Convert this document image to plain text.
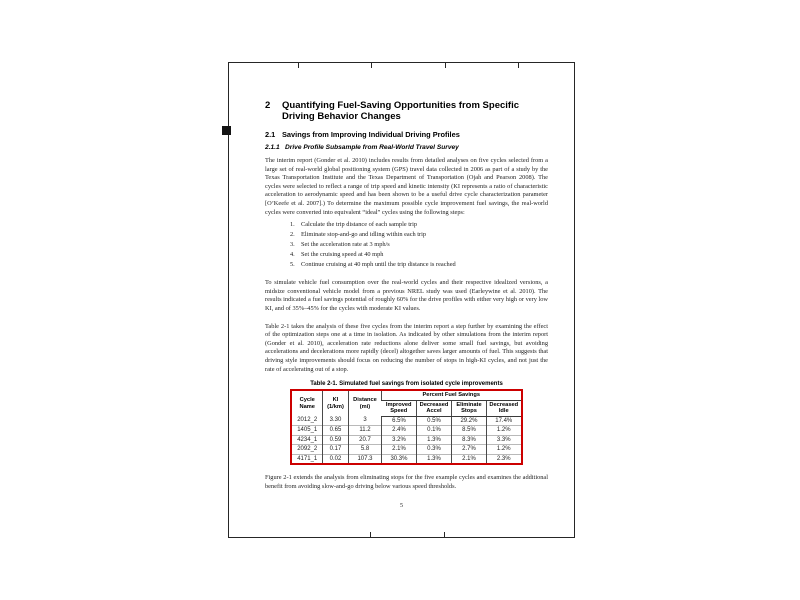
2	Quantifying Fuel-Saving Opportunities from Specific Driving Behavior Changes
2.1 Savings from Improving Individual Driving Profiles
2.1.1 Drive Profile Subsample from Real-World Travel Survey
The interim report (Gonder et al. 2010) includes results from detailed analyses on five cycles selected from a large set of real-world global positioning system (GPS) travel data collected in 2006 as part of a study by the Texas Transportation Institute and the Texas Department of Transportation (Ojah and Pearson 2008). The cycles were selected to reflect a range of trip speed and kinetic intensity (KI represents a ratio of characteristic acceleration to aerodynamic speed and has been shown to be a useful drive cycle characterization parameter [O’Keefe et al. 2007].) To determine the maximum possible cycle improvement fuel savings, the real-world cycles were converted into equivalent “ideal” cycles using the following steps:
1. Calculate the trip distance of each sample trip
2. Eliminate stop-and-go and idling within each trip
3. Set the acceleration rate at 3 mph/s
4. Set the cruising speed at 40 mph
5. Continue cruising at 40 mph until the trip distance is reached
To simulate vehicle fuel consumption over the real-world cycles and their respective idealized versions, a midsize conventional vehicle model from a previous NREL study was used (Earleywine et al. 2010). The results indicated a fuel savings potential of roughly 60% for the drive profiles with either very high or very low KI, and of 35%–45% for the cycles with moderate KI values.
Table 2-1 takes the analysis of these five cycles from the interim report a step further by examining the effect of the optimization steps one at a time in isolation. As indicated by other simulations from the interim report (Gonder et al. 2010), acceleration rate reductions alone deliver some small fuel savings, but avoiding accelerations and decelerations more rapidly (decel) altogether saves larger amounts of fuel. This suggests that driving style improvements should focus on reducing the number of stops in high-KI cycles, and not just the rate of accelerating out of a stop.
Table 2-1. Simulated fuel savings from isolated cycle improvements
Cycle Name	KI (1/km)	Distance (mi)	Percent Fuel Savings			
			Improved Speed	Decreased Accel	Eliminate Stops	Decreased Idle
2012_2	3.30	3	6.5%	0.5%	29.2%	17.4%
1405_1	0.65	11.2	2.4%	0.1%	8.5%	1.2%
4234_1	0.59	20.7	3.2%	1.3%	8.3%	3.3%
2092_2	0.17	5.8	2.1%	0.3%	2.7%	1.2%
4171_1	0.02	107.3	30.3%	1.3%	2.1%	2.3%
Figure 2-1 extends the analysis from eliminating stops for the five example cycles and examines the additional benefit from avoiding slow-and-go driving below various speed thresholds.
5
